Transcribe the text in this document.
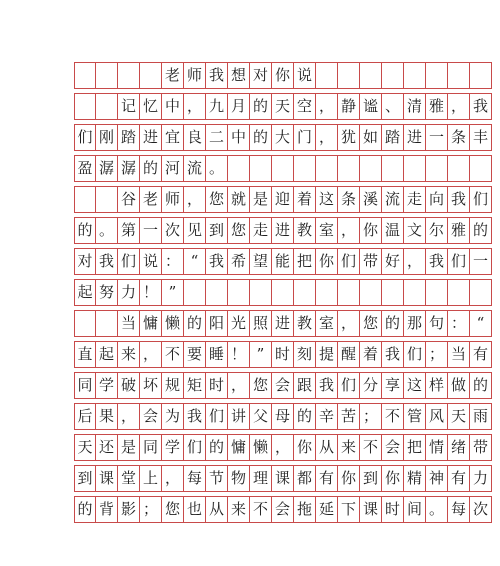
老 师 我 想 对 你 说
记 忆 中 ， 九 月 的 天 空 ， 静 谧 、 清 雅 ， 我
们 刚 踏 进 宜 良 二 中 的 大 门 ， 犹 如 踏 进 一 条 丰
盈 潺 潺 的 河 流 。
谷 老 师 ， 您 就 是 迎 着 这 条 溪 流 走 向 我 们
的 。 第 一 次 见 到 您 走 进 教 室 ， 你 温 文 尔 雅 的
对 我 们 说 ： “ 我 希 望 能 把 你 们 带 好 ， 我 们 一
起 努 力 ！ ”
当 慵 懒 的 阳 光 照 进 教 室 ， 您 的 那 句 ： “
直 起 来 ， 不 要 睡 ！ ” 时 刻 提 醒 着 我 们 ； 当 有
同 学 破 坏 规 矩 时 ， 您 会 跟 我 们 分 享 这 样 做 的
后 果 ， 会 为 我 们 讲 父 母 的 辛 苦 ； 不 管 风 天 雨
天 还 是 同 学 们 的 慵 懒 ， 你 从 来 不 会 把 情 绪 带
到 课 堂 上 ， 每 节 物 理 课 都 有 你 到 你 精 神 有 力
的 背 影 ； 您 也 从 来 不 会 拖 延 下 课 时 间 。 每 次
